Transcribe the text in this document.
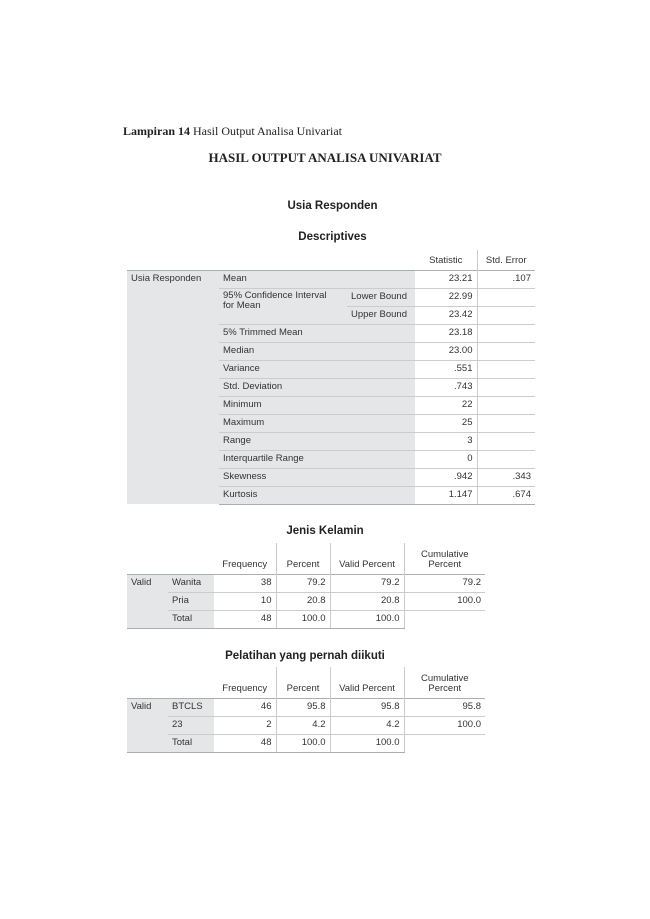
Lampiran 14 Hasil Output Analisa Univariat
HASIL OUTPUT ANALISA UNIVARIAT
Usia Responden
Descriptives
			Statistic	Std. Error
Usia Responden	Mean		23.21	.107

	95% Confidence Interval
for Mean	Lower Bound	22.99	
		Upper Bound	23.42	
	5% Trimmed Mean		23.18	
	Median		23.00	
	Variance		.551	
	Std. Deviation		.743	
	Minimum		22	
	Maximum		25	
	Range		3	
	Interquartile Range		0	
	Skewness		.942	.343
	Kurtosis		1.147	.674
Jenis Kelamin
		Frequency	Percent	Valid Percent	Cumulative
Percent

Valid	Wanita	38	79.2	79.2	79.2
	Pria	10	20.8	20.8	100.0
	Total	48	100.0	100.0	
Pelatihan yang pernah diikuti
		Frequency	Percent	Valid Percent	Cumulative
Percent

Valid	BTCLS	46	95.8	95.8	95.8
	23	2	4.2	4.2	100.0
	Total	48	100.0	100.0	
